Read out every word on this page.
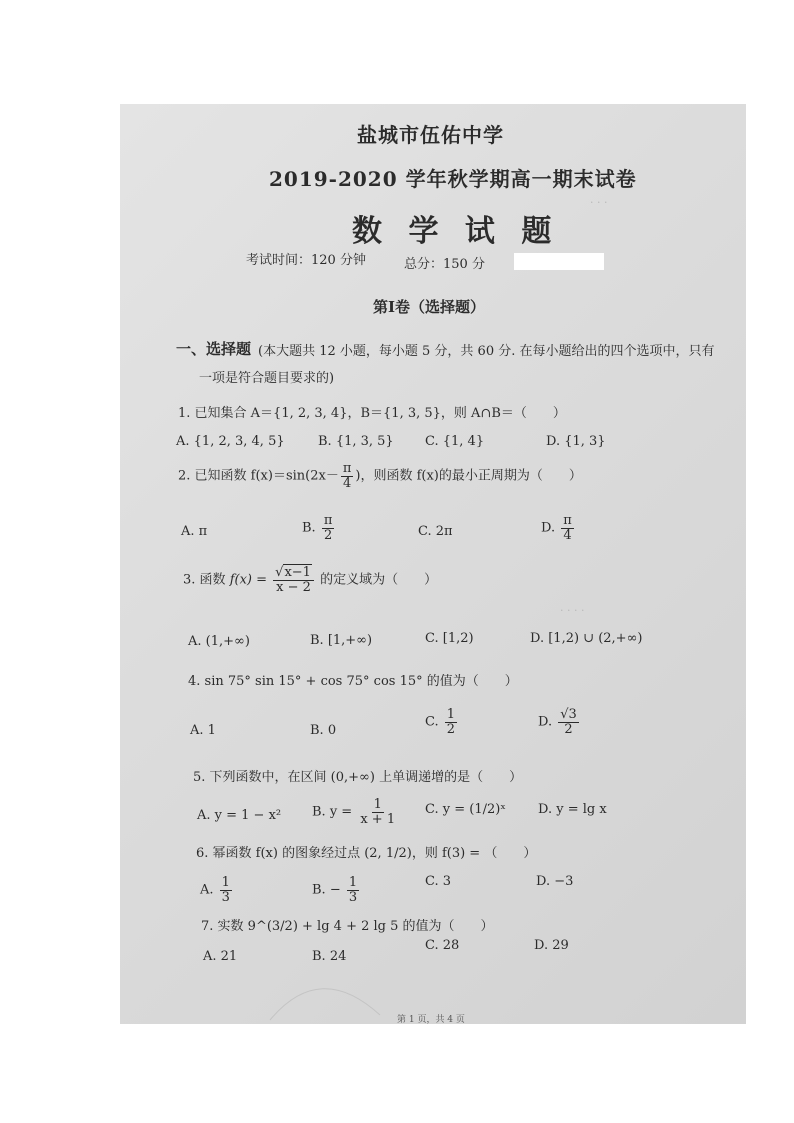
· · ·
· · · ·
盐城市伍佑中学
2019-2020 学年秋学期高一期末试卷
数 学 试 题
考试时间：120 分钟	总分：150 分
第Ⅰ卷（选择题）
一、选择题 (本大题共 12 小题，每小题 5 分，共 60 分. 在每小题给出的四个选项中，只有
一项是符合题目要求的)
1. 已知集合 A＝{1, 2, 3, 4}，B＝{1, 3, 5}，则 A∩B＝（　　）
A. {1, 2, 3, 4, 5}	B. {1, 3, 5} C. {1, 4}	D. {1, 3}
2. 已知函数 $f(x)=\sin(2x- \frac{\pi}{4}$ )，则函数 f(x)的最小正周期为（　　）
A. π	B. $\frac{\pi}{2}$	C. 2π	D. $\frac{\pi}{4}$
3. 函数 $f(x) = \frac{√x-1}{x - 2}$ 的定义域为（　　）
A. (1,+∞)	B. [1,+∞)	C. [1,2)	D. [1,2) ∪ (2,+∞)
4. sin 75° sin 15° + cos 75° cos 15° 的值为（　　）
A. 1	B. 0
C. $\frac{1}{2}$	D. $\frac{√3}{2}$
5. 下列函数中，在区间 (0,+∞) 上单调递增的是（　　）
A. y = 1 − x² B. $y = \frac{1}{x + 1} C$. y = (1/2)ˣ D. y = lg x
6. 幂函数 f(x) 的图象经过点 (2, 1/2)，则 f(3) = （　　）
A. $\frac{1}{3}$	B. − $\frac{1}{3}$	C. 3	D. −3
7. 实数 9^(3/2) + lg 4 + 2 lg 5 的值为（　　）
A. 21	B. 24
C. 28	D. 29
第 1 页，共 4 页
